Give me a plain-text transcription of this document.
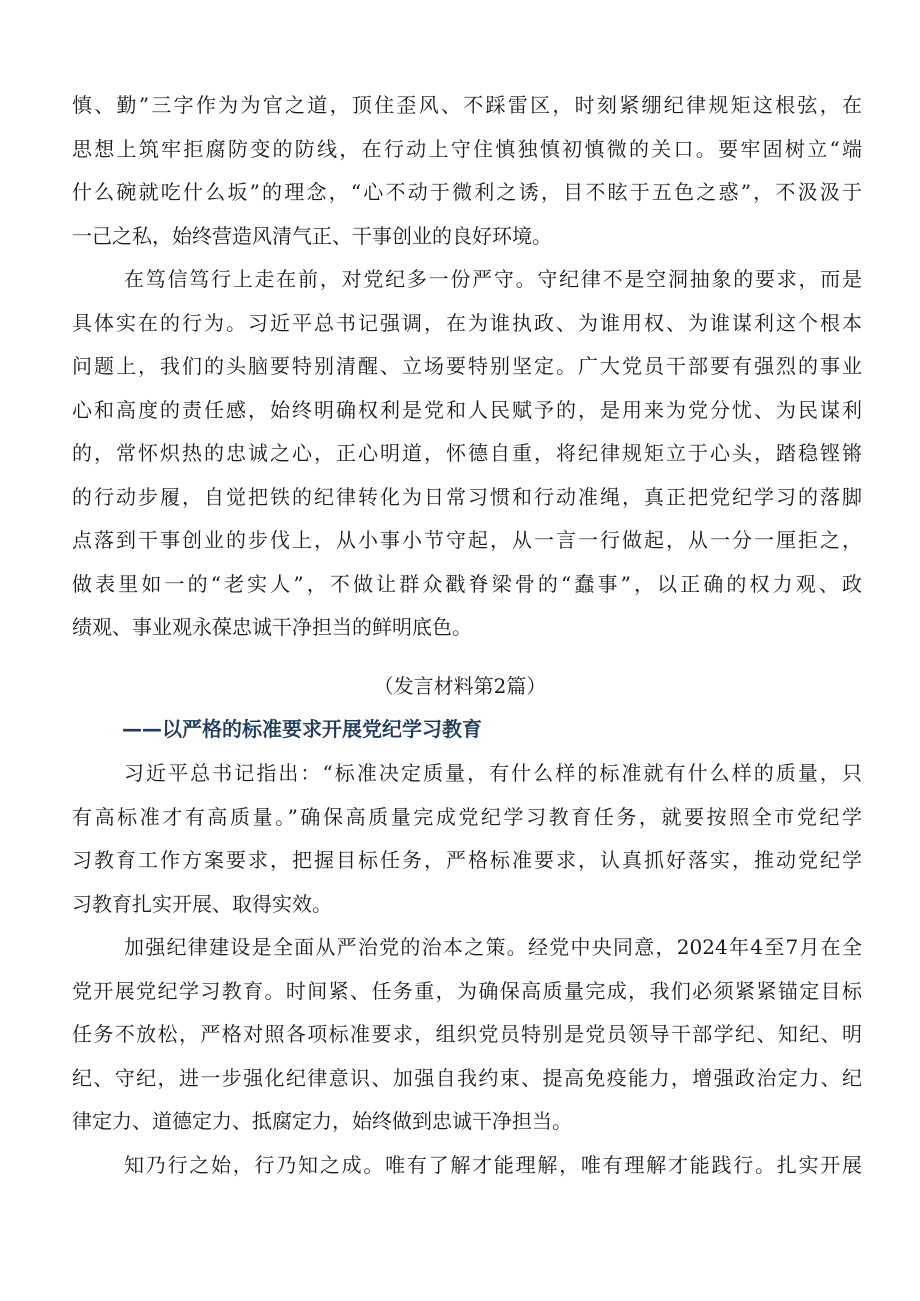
慎、勤”三字作为为官之道，顶住歪风、不踩雷区，时刻紧绷纪律规矩这根弦，在
思想上筑牢拒腐防变的防线，在行动上守住慎独慎初慎微的关口。要牢固树立“端
什么碗就吃什么坂”的理念，“心不动于微利之诱，目不眩于五色之惑”，不汲汲于
一己之私，始终营造风清气正、干事创业的良好环境。
在笃信笃行上走在前，对党纪多一份严守。守纪律不是空洞抽象的要求，而是
具体实在的行为。习近平总书记强调，在为谁执政、为谁用权、为谁谋利这个根本
问题上，我们的头脑要特别清醒、立场要特别坚定。广大党员干部要有强烈的事业
心和高度的责任感，始终明确权利是党和人民赋予的，是用来为党分忧、为民谋利
的，常怀炽热的忠诚之心，正心明道，怀德自重，将纪律规矩立于心头，踏稳铿锵
的行动步履，自觉把铁的纪律转化为日常习惯和行动准绳，真正把党纪学习的落脚
点落到干事创业的步伐上，从小事小节守起，从一言一行做起，从一分一厘拒之，
做表里如一的“老实人”，不做让群众戳脊梁骨的“蠢事”，以正确的权力观、政
绩观、事业观永葆忠诚干净担当的鲜明底色。
（发言材料第2篇）
——以严格的标准要求开展党纪学习教育
习近平总书记指出：“标准决定质量，有什么样的标准就有什么样的质量，只
有高标准才有高质量。”确保高质量完成党纪学习教育任务，就要按照全市党纪学
习教育工作方案要求，把握目标任务，严格标准要求，认真抓好落实，推动党纪学
习教育扎实开展、取得实效。
加强纪律建设是全面从严治党的治本之策。经党中央同意，2024年4至7月在全
党开展党纪学习教育。时间紧、任务重，为确保高质量完成，我们必须紧紧锚定目标
任务不放松，严格对照各项标准要求，组织党员特别是党员领导干部学纪、知纪、明
纪、守纪，进一步强化纪律意识、加强自我约束、提高免疫能力，增强政治定力、纪
律定力、道德定力、抵腐定力，始终做到忠诚干净担当。
知乃行之始，行乃知之成。唯有了解才能理解，唯有理解才能践行。扎实开展
